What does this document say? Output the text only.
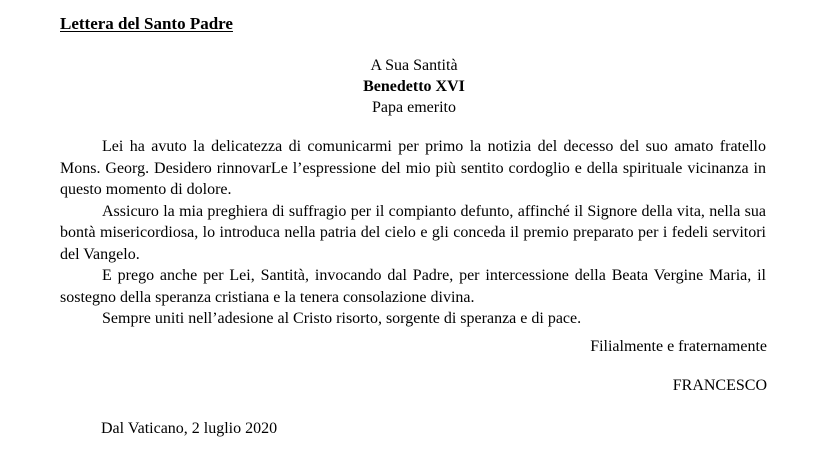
Lettera del Santo Padre
A Sua Santità
Benedetto XVI
Papa emerito

Lei ha avuto la delicatezza di comunicarmi per primo la notizia del decesso del suo amato fratello Mons. Georg. Desidero rinnovarLe l’espressione del mio più sentito cordoglio e della spirituale vicinanza in questo momento di dolore.

Assicuro la mia preghiera di suffragio per il compianto defunto, affinché il Signore della vita, nella sua bontà misericordiosa, lo introduca nella patria del cielo e gli conceda il premio preparato per i fedeli servitori del Vangelo.

E prego anche per Lei, Santità, invocando dal Padre, per intercessione della Beata Vergine Maria, il sostegno della speranza cristiana e la tenera consolazione divina.

Sempre uniti nell’adesione al Cristo risorto, sorgente di speranza e di pace.

Filialmente e fraternamente
FRANCESCO
Dal Vaticano, 2 luglio 2020
